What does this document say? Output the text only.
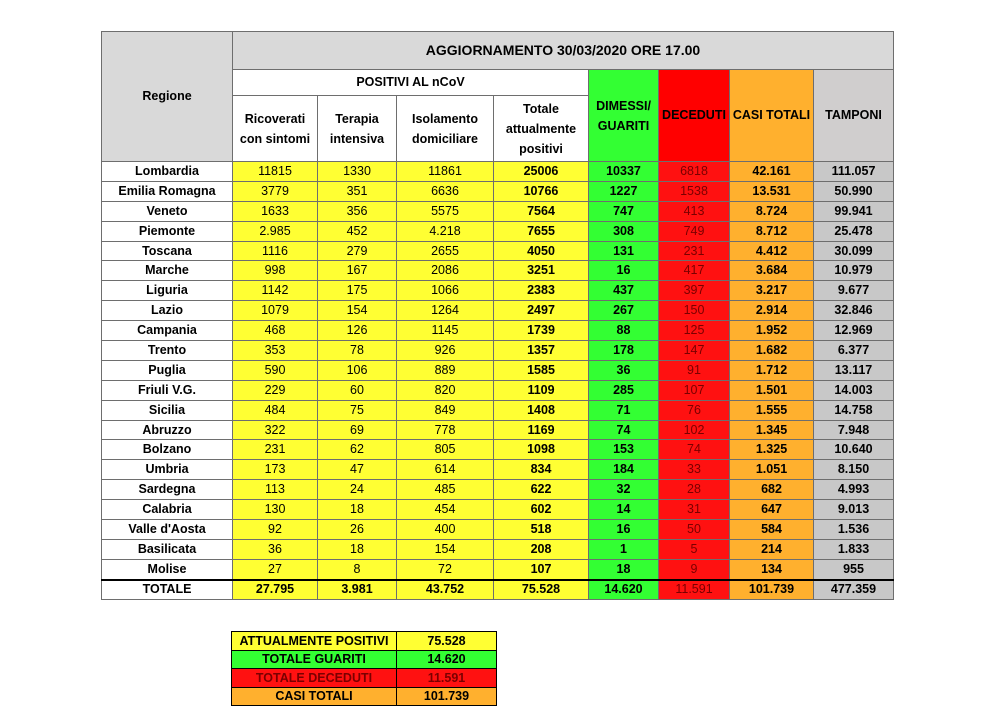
Regione	AGGIORNAMENTO 30/03/2020 ORE 17.00							
	POSITIVI AL nCoV				DIMESSI/ GUARITI	DECEDUTI	CASI TOTALI	TAMPONI
	Ricoverati con sintomi	Terapia intensiva	Isolamento domiciliare	Totale attualmente positivi				
Lombardia	11815	1330	11861	25006	10337	6818	42.161	111.057
Emilia Romagna	3779	351	6636	10766	1227	1538	13.531	50.990
Veneto	1633	356	5575	7564	747	413	8.724	99.941
Piemonte	2.985	452	4.218	7655	308	749	8.712	25.478
Toscana	1116	279	2655	4050	131	231	4.412	30.099
Marche	998	167	2086	3251	16	417	3.684	10.979
Liguria	1142	175	1066	2383	437	397	3.217	9.677
Lazio	1079	154	1264	2497	267	150	2.914	32.846
Campania	468	126	1145	1739	88	125	1.952	12.969
Trento	353	78	926	1357	178	147	1.682	6.377
Puglia	590	106	889	1585	36	91	1.712	13.117
Friuli V.G.	229	60	820	1109	285	107	1.501	14.003
Sicilia	484	75	849	1408	71	76	1.555	14.758
Abruzzo	322	69	778	1169	74	102	1.345	7.948
Bolzano	231	62	805	1098	153	74	1.325	10.640
Umbria	173	47	614	834	184	33	1.051	8.150
Sardegna	113	24	485	622	32	28	682	4.993
Calabria	130	18	454	602	14	31	647	9.013
Valle d'Aosta	92	26	400	518	16	50	584	1.536
Basilicata	36	18	154	208	1	5	214	1.833
Molise	27	8	72	107	18	9	134	955
TOTALE	27.795	3.981	43.752	75.528	14.620	11.591	101.739	477.359
ATTUALMENTE POSITIVI	75.528
TOTALE GUARITI	14.620
TOTALE DECEDUTI	11.591
CASI TOTALI	101.739
